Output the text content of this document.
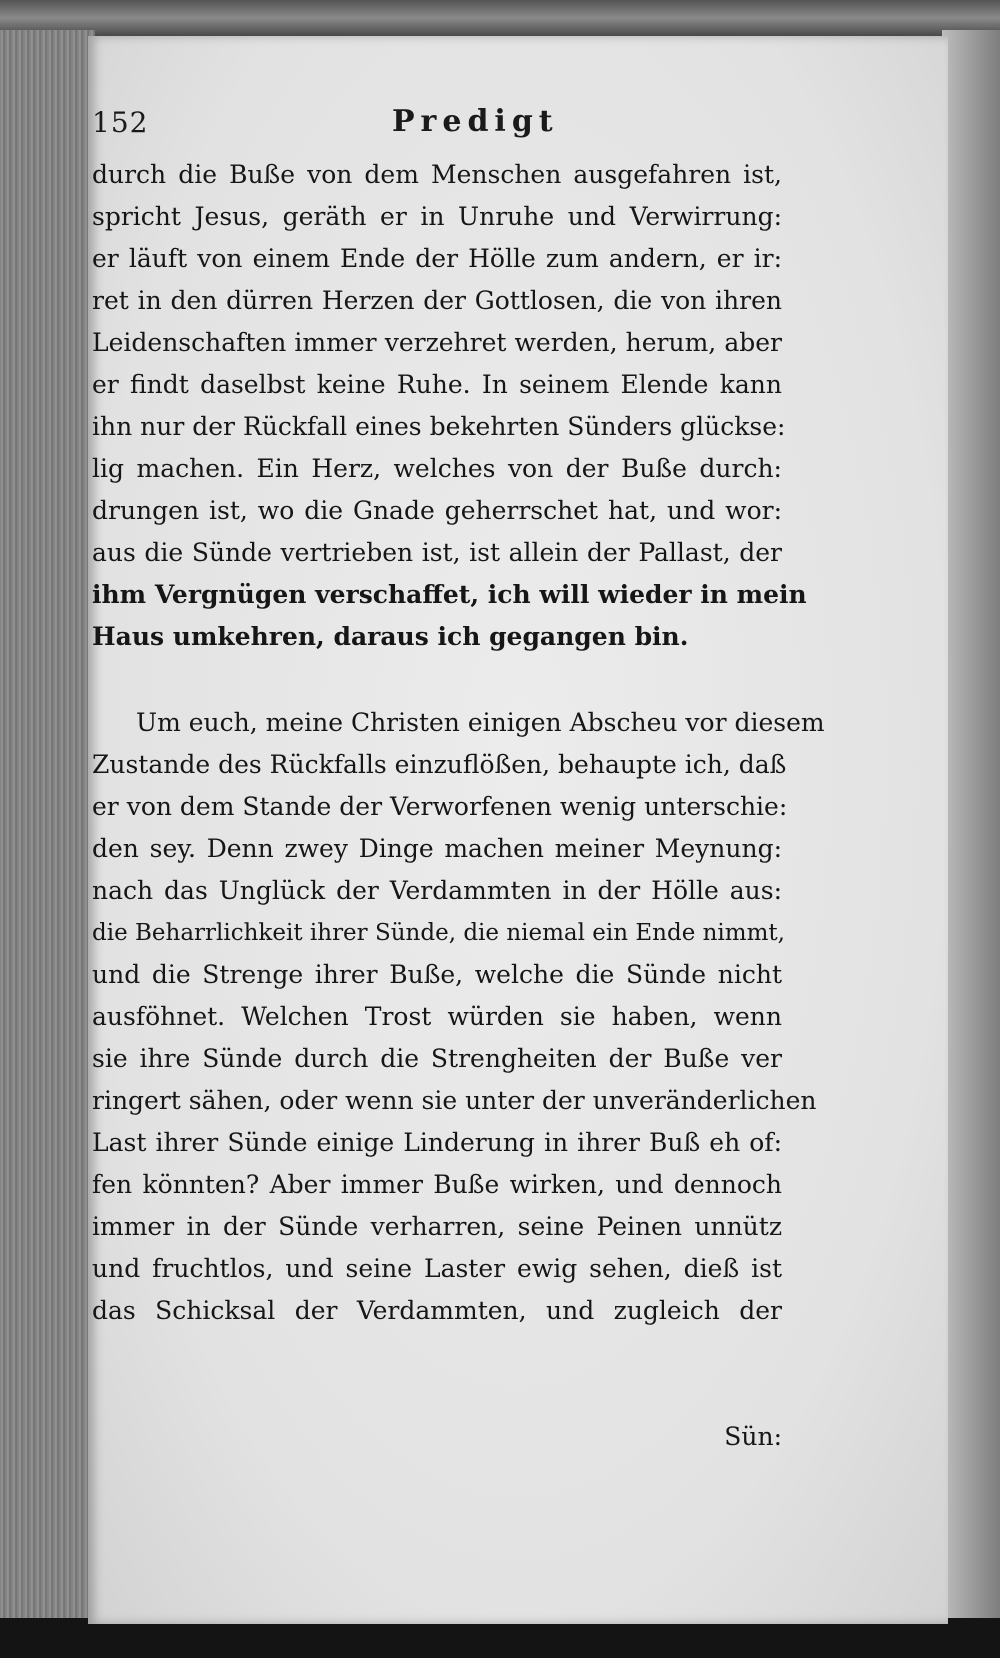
152	Predigt
durch die Buße von dem Menschen ausgefahren ist,
spricht Jesus, geräth er in Unruhe und Verwirrung:
er läuft von einem Ende der Hölle zum andern, er ir:
ret in den dürren Herzen der Gottlosen, die von ihren
Leidenschaften immer verzehret werden, herum, aber
er findt daselbst keine Ruhe. In seinem Elende kann
ihn nur der Rückfall eines bekehrten Sünders glückse:
lig machen. Ein Herz, welches von der Buße durch:
drungen ist, wo die Gnade geherrschet hat, und wor:
aus die Sünde vertrieben ist, ist allein der Pallast, der
ihm Vergnügen verschaffet, ich will wieder in mein
Haus umkehren, daraus ich gegangen bin.
Um euch, meine Christen einigen Abscheu vor diesem
Zustande des Rückfalls einzuflößen, behaupte ich, daß
er von dem Stande der Verworfenen wenig unterschie:
den sey. Denn zwey Dinge machen meiner Meynung:
nach das Unglück der Verdammten in der Hölle aus:
die Beharrlichkeit ihrer Sünde, die niemal ein Ende nimmt,
und die Strenge ihrer Buße, welche die Sünde nicht
ausföhnet. Welchen Trost würden sie haben, wenn
sie ihre Sünde durch die Strengheiten der Buße ver
ringert sähen, oder wenn sie unter der unveränderlichen
Last ihrer Sünde einige Linderung in ihrer Buß eh of:
fen könnten? Aber immer Buße wirken, und dennoch
immer in der Sünde verharren, seine Peinen unnütz
und fruchtlos, und seine Laster ewig sehen, dieß ist
das Schicksal der Verdammten, und zugleich der
Sün:
